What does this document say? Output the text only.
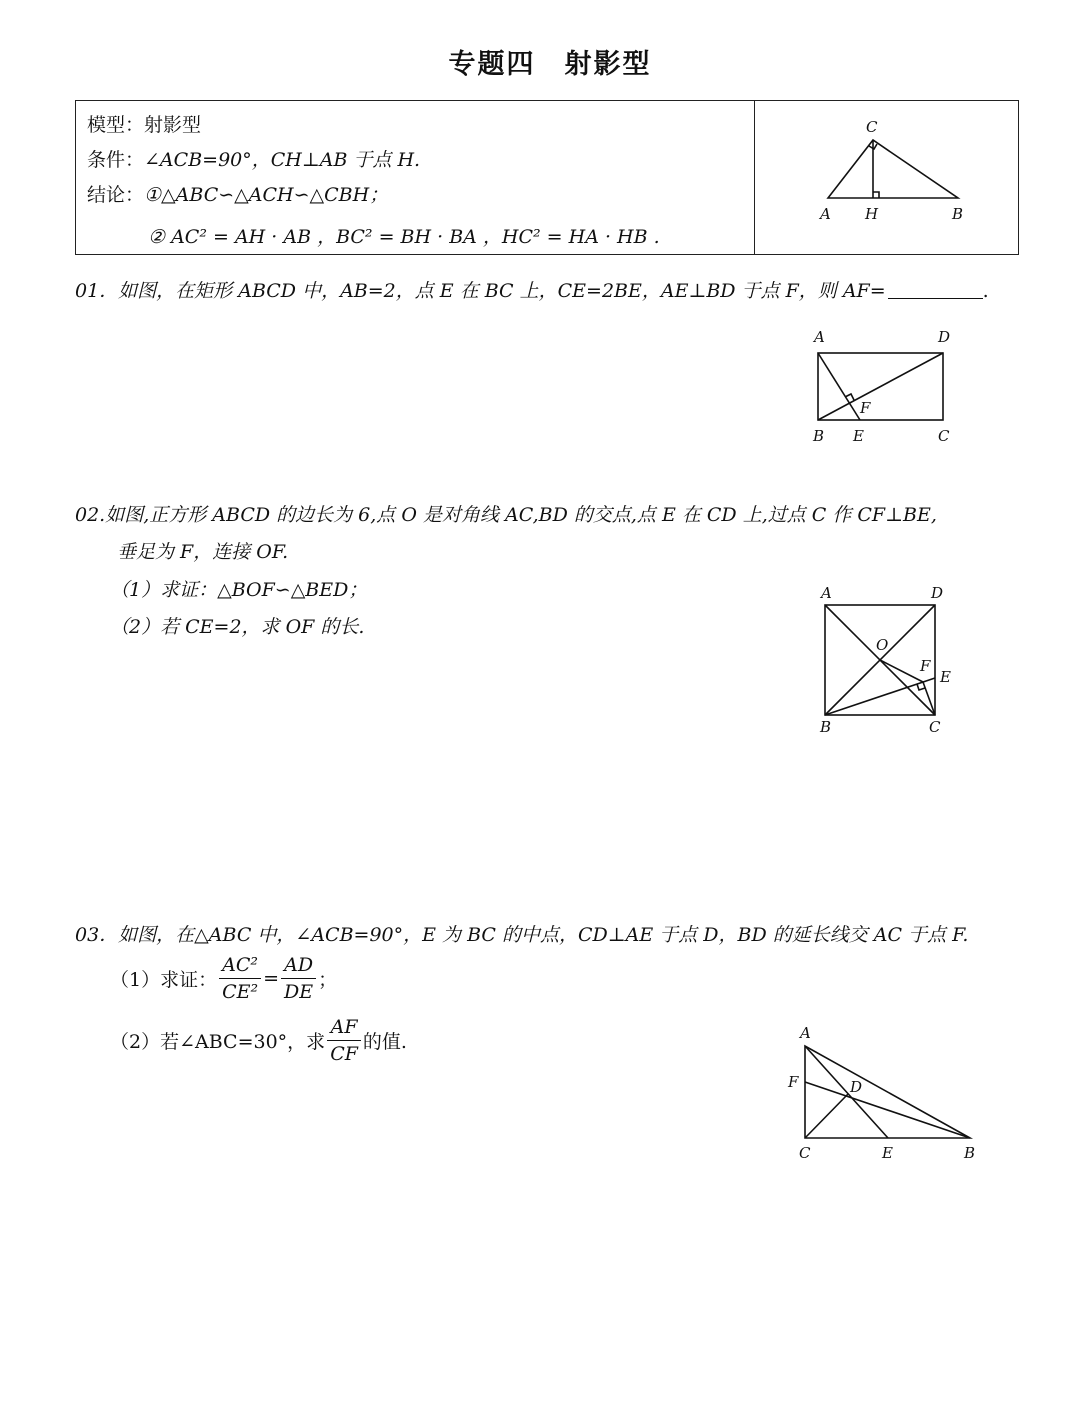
专题四　射影型
模型：射影型
条件：∠ACB=90°，CH⊥AB 于点 H.
结论：①△ABC∽△ACH∽△CBH；
② AC² = AH · AB ，BC² = BH · BA ，HC² = HA · HB .
C
A H	B
01．如图，在矩形 ABCD 中，AB=2，点 E 在 BC 上，CE=2BE，AE⊥BD 于点 F，则 AF=	.
A	D
B E	C
F
02.如图,正方形 ABCD 的边长为 6,点 O 是对角线 AC,BD 的交点,点 E 在 CD 上,过点 C 作 CF⊥BE,
垂足为 F，连接 OF.
（1）求证：△BOF∽△BED；
（2）若 CE=2，求 OF 的长.
A	D
O
F
E
B	C
03．如图，在△ABC 中，∠ACB=90°，E 为 BC 的中点，CD⊥AE 于点 D，BD 的延长线交 AC 于点 F.
（1）求证： $\frac{\text{AC²}}{\text{CE²}} = \frac{AD}{DE}$ ；
（2）若∠ABC=30°，求 $\frac{AF}{CF}$ 的值.	A
F	D
C	E	B
